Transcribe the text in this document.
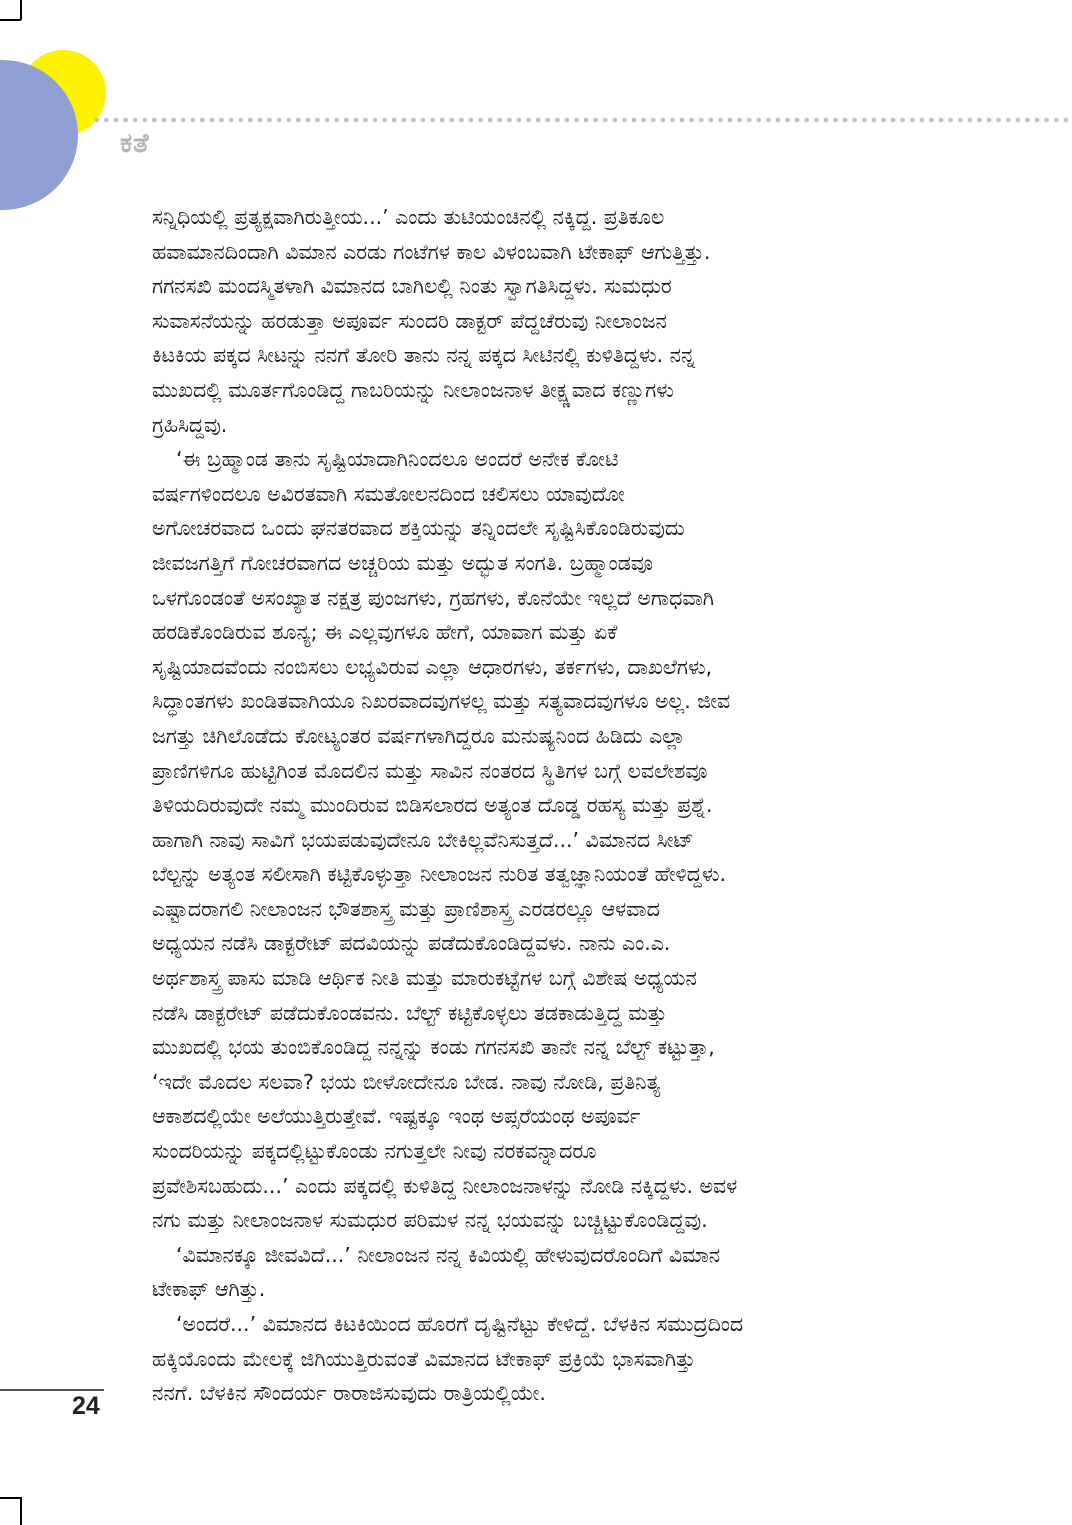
ಕತೆ
ಸನ್ನಿಧಿಯಲ್ಲಿ ಪ್ರತ್ಯಕ್ಷವಾಗಿರುತ್ತೀಯ...’ ಎಂದು ತುಟಿಯಂಚಿನಲ್ಲಿ ನಕ್ಕಿದ್ದ. ಪ್ರತಿಕೂಲ
ಹವಾಮಾನದಿಂದಾಗಿ ವಿಮಾನ ಎರಡು ಗಂಟೆಗಳ ಕಾಲ ವಿಳಂಬವಾಗಿ ಟೇಕಾಫ್ ಆಗುತ್ತಿತ್ತು.
ಗಗನಸಖಿ ಮಂದಸ್ಮಿತಳಾಗಿ ವಿಮಾನದ ಬಾಗಿಲಲ್ಲಿ ನಿಂತು ಸ್ವಾಗತಿಸಿದ್ದಳು. ಸುಮಧುರ
ಸುವಾಸನೆಯನ್ನು ಹರಡುತ್ತಾ ಅಪೂರ್ವ ಸುಂದರಿ ಡಾಕ್ಟರ್ ಪೆದ್ದಚೆರುವು ನೀಲಾಂಜನ
ಕಿಟಕಿಯ ಪಕ್ಕದ ಸೀಟನ್ನು ನನಗೆ ತೋರಿ ತಾನು ನನ್ನ ಪಕ್ಕದ ಸೀಟಿನಲ್ಲಿ ಕುಳಿತಿದ್ದಳು. ನನ್ನ
ಮುಖದಲ್ಲಿ ಮೂರ್ತಗೊಂಡಿದ್ದ ಗಾಬರಿಯನ್ನು ನೀಲಾಂಜನಾಳ ತೀಕ್ಷ್ಣವಾದ ಕಣ್ಣುಗಳು
ಗ್ರಹಿಸಿದ್ದವು.
‘ಈ ಬ್ರಹ್ಮಾಂಡ ತಾನು ಸೃಷ್ಟಿಯಾದಾಗಿನಿಂದಲೂ ಅಂದರೆ ಅನೇಕ ಕೋಟಿ
ವರ್ಷಗಳಿಂದಲೂ ಅವಿರತವಾಗಿ ಸಮತೋಲನದಿಂದ ಚಲಿಸಲು ಯಾವುದೋ
ಅಗೋಚರವಾದ ಒಂದು ಘನತರವಾದ ಶಕ್ತಿಯನ್ನು ತನ್ನಿಂದಲೇ ಸೃಷ್ಟಿಸಿಕೊಂಡಿರುವುದು
ಜೀವಜಗತ್ತಿಗೆ ಗೋಚರವಾಗದ ಅಚ್ಚರಿಯ ಮತ್ತು ಅದ್ಭುತ ಸಂಗತಿ. ಬ್ರಹ್ಮಾಂಡವೂ
ಒಳಗೊಂಡಂತೆ ಅಸಂಖ್ಯಾತ ನಕ್ಷತ್ರ ಪುಂಜಗಳು, ಗ್ರಹಗಳು, ಕೊನೆಯೇ ಇಲ್ಲದೆ ಅಗಾಧವಾಗಿ
ಹರಡಿಕೊಂಡಿರುವ ಶೂನ್ಯ; ಈ ಎಲ್ಲವುಗಳೂ ಹೇಗೆ, ಯಾವಾಗ ಮತ್ತು ಏಕೆ
ಸೃಷ್ಟಿಯಾದವೆಂದು ನಂಬಿಸಲು ಲಭ್ಯವಿರುವ ಎಲ್ಲಾ ಆಧಾರಗಳು, ತರ್ಕಗಳು, ದಾಖಲೆಗಳು,
ಸಿದ್ಧಾಂತಗಳು ಖಂಡಿತವಾಗಿಯೂ ನಿಖರವಾದವುಗಳಲ್ಲ ಮತ್ತು ಸತ್ಯವಾದವುಗಳೂ ಅಲ್ಲ. ಜೀವ
ಜಗತ್ತು ಚಿಗಿಲೊಡೆದು ಕೋಟ್ಯಂತರ ವರ್ಷಗಳಾಗಿದ್ದರೂ ಮನುಷ್ಯನಿಂದ ಹಿಡಿದು ಎಲ್ಲಾ
ಪ್ರಾಣಿಗಳಿಗೂ ಹುಟ್ಟಿಗಿಂತ ಮೊದಲಿನ ಮತ್ತು ಸಾವಿನ ನಂತರದ ಸ್ಥಿತಿಗಳ ಬಗ್ಗೆ ಲವಲೇಶವೂ
ತಿಳಿಯದಿರುವುದೇ ನಮ್ಮ ಮುಂದಿರುವ ಬಿಡಿಸಲಾರದ ಅತ್ಯಂತ ದೊಡ್ಡ ರಹಸ್ಯ ಮತ್ತು ಪ್ರಶ್ನೆ.
ಹಾಗಾಗಿ ನಾವು ಸಾವಿಗೆ ಭಯಪಡುವುದೇನೂ ಬೇಕಿಲ್ಲವೆನಿಸುತ್ತದೆ...’ ವಿಮಾನದ ಸೀಟ್
ಬೆಲ್ಟನ್ನು ಅತ್ಯಂತ ಸಲೀಸಾಗಿ ಕಟ್ಟಿಕೊಳ್ಳುತ್ತಾ ನೀಲಾಂಜನ ನುರಿತ ತತ್ವಜ್ಞಾನಿಯಂತೆ ಹೇಳಿದ್ದಳು.
ಎಷ್ಟಾದರಾಗಲಿ ನೀಲಾಂಜನ ಭೌತಶಾಸ್ತ್ರ ಮತ್ತು ಪ್ರಾಣಿಶಾಸ್ತ್ರ ಎರಡರಲ್ಲೂ ಆಳವಾದ
ಅಧ್ಯಯನ ನಡೆಸಿ ಡಾಕ್ಟರೇಟ್ ಪದವಿಯನ್ನು ಪಡೆದುಕೊಂಡಿದ್ದವಳು. ನಾನು ಎಂ.ಎ.
ಅರ್ಥಶಾಸ್ತ್ರ ಪಾಸು ಮಾಡಿ ಆರ್ಥಿಕ ನೀತಿ ಮತ್ತು ಮಾರುಕಟ್ಟೆಗಳ ಬಗ್ಗೆ ವಿಶೇಷ ಅಧ್ಯಯನ
ನಡೆಸಿ ಡಾಕ್ಟರೇಟ್ ಪಡೆದುಕೊಂಡವನು. ಬೆಲ್ಟ್ ಕಟ್ಟಿಕೊಳ್ಳಲು ತಡಕಾಡುತ್ತಿದ್ದ ಮತ್ತು
ಮುಖದಲ್ಲಿ ಭಯ ತುಂಬಿಕೊಂಡಿದ್ದ ನನ್ನನ್ನು ಕಂಡು ಗಗನಸಖಿ ತಾನೇ ನನ್ನ ಬೆಲ್ಟ್ ಕಟ್ಟುತ್ತಾ,
‘ಇದೇ ಮೊದಲ ಸಲವಾ? ಭಯ ಬೀಳೋದೇನೂ ಬೇಡ. ನಾವು ನೋಡಿ, ಪ್ರತಿನಿತ್ಯ
ಆಕಾಶದಲ್ಲಿಯೇ ಅಲೆಯುತ್ತಿರುತ್ತೇವೆ. ಇಷ್ಟಕ್ಕೂ ಇಂಥ ಅಪ್ಸರೆಯಂಥ ಅಪೂರ್ವ
ಸುಂದರಿಯನ್ನು ಪಕ್ಕದಲ್ಲಿಟ್ಟುಕೊಂಡು ನಗುತ್ತಲೇ ನೀವು ನರಕವನ್ನಾದರೂ
ಪ್ರವೇಶಿಸಬಹುದು...’ ಎಂದು ಪಕ್ಕದಲ್ಲಿ ಕುಳಿತಿದ್ದ ನೀಲಾಂಜನಾಳನ್ನು ನೋಡಿ ನಕ್ಕಿದ್ದಳು. ಅವಳ
ನಗು ಮತ್ತು ನೀಲಾಂಜನಾಳ ಸುಮಧುರ ಪರಿಮಳ ನನ್ನ ಭಯವನ್ನು ಬಚ್ಚಿಟ್ಟುಕೊಂಡಿದ್ದವು.
‘ವಿಮಾನಕ್ಕೂ ಜೀವವಿದೆ...’ ನೀಲಾಂಜನ ನನ್ನ ಕಿವಿಯಲ್ಲಿ ಹೇಳುವುದರೊಂದಿಗೆ ವಿಮಾನ
ಟೇಕಾಫ್ ಆಗಿತ್ತು.
‘ಅಂದರೆ...’ ವಿಮಾನದ ಕಿಟಕಿಯಿಂದ ಹೊರಗೆ ದೃಷ್ಟಿನೆಟ್ಟು ಕೇಳಿದ್ದೆ. ಬೆಳಕಿನ ಸಮುದ್ರದಿಂದ
ಹಕ್ಕಿಯೊಂದು ಮೇಲಕ್ಕೆ ಜಿಗಿಯುತ್ತಿರುವಂತೆ ವಿಮಾನದ ಟೇಕಾಫ್ ಪ್ರಕ್ರಿಯೆ ಭಾಸವಾಗಿತ್ತು
ನನಗೆ. ಬೆಳಕಿನ ಸೌಂದರ್ಯ ರಾರಾಜಿಸುವುದು ರಾತ್ರಿಯಲ್ಲಿಯೇ.
24
